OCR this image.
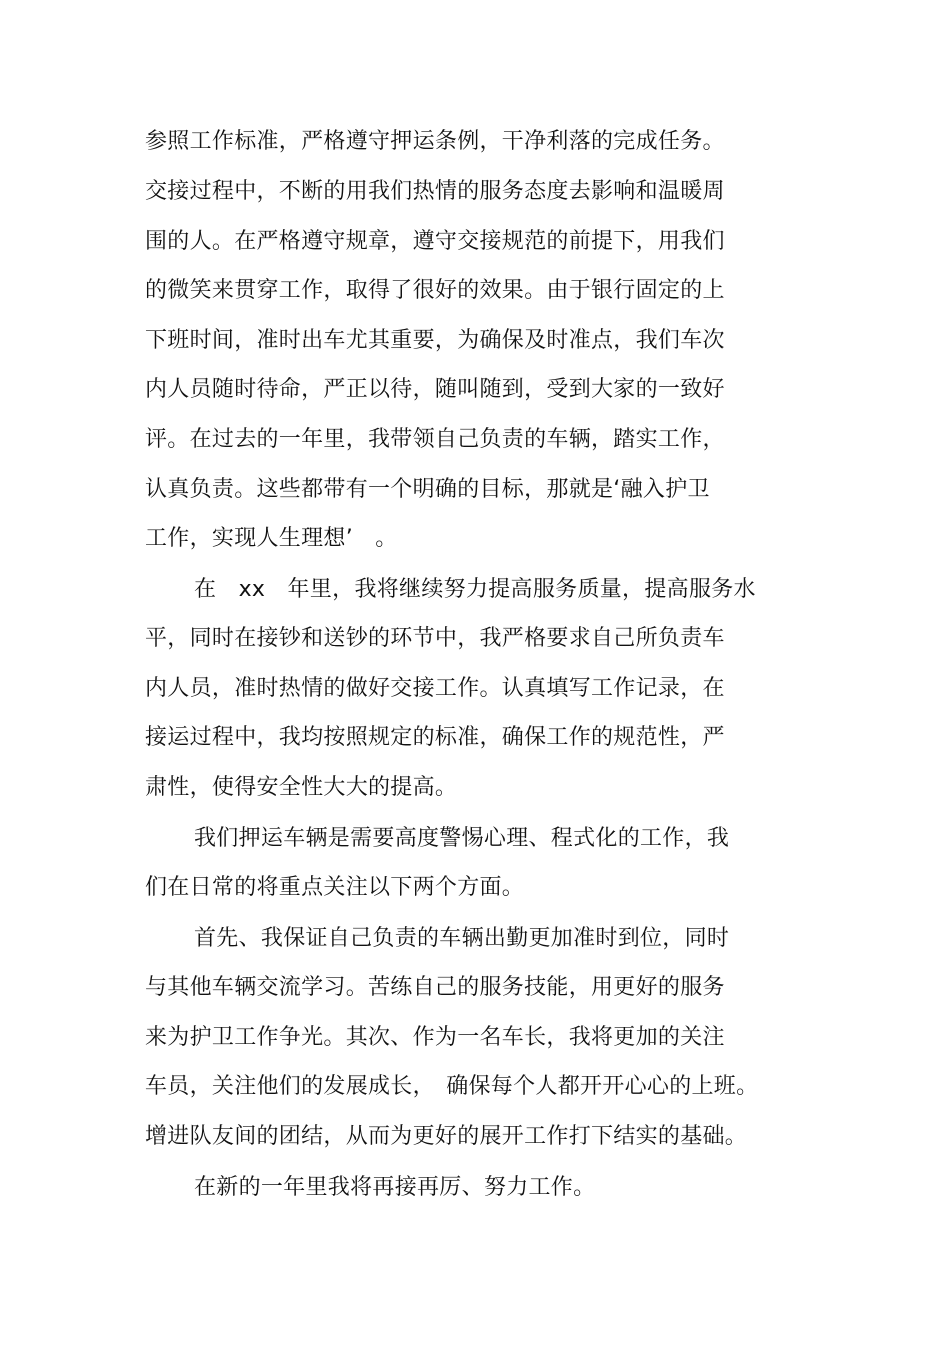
参照工作标准，严格遵守押运条例，干净利落的完成任务。
交接过程中，不断的用我们热情的服务态度去影响和温暖周
围的人。在严格遵守规章，遵守交接规范的前提下，用我们
的微笑来贯穿工作，取得了很好的效果。由于银行固定的上
下班时间，准时出车尤其重要，为确保及时准点，我们车次
内人员随时待命，严正以待，随叫随到，受到大家的一致好
评。在过去的一年里，我带领自己负责的车辆，踏实工作，
认真负责。这些都带有一个明确的目标，那就是‘融入护卫
工作，实现人生理想’　。
在　xx　年里，我将继续努力提高服务质量，提高服务水
平，同时在接钞和送钞的环节中，我严格要求自己所负责车
内人员，准时热情的做好交接工作。认真填写工作记录，在
接运过程中，我均按照规定的标准，确保工作的规范性，严
肃性，使得安全性大大的提高。
我们押运车辆是需要高度警惕心理、程式化的工作，我
们在日常的将重点关注以下两个方面。
首先、我保证自己负责的车辆出勤更加准时到位，同时
与其他车辆交流学习。苦练自己的服务技能，用更好的服务
来为护卫工作争光。其次、作为一名车长，我将更加的关注
车员，关注他们的发展成长，　确保每个人都开开心心的上班。
增进队友间的团结，从而为更好的展开工作打下结实的基础。
在新的一年里我将再接再厉、努力工作。
